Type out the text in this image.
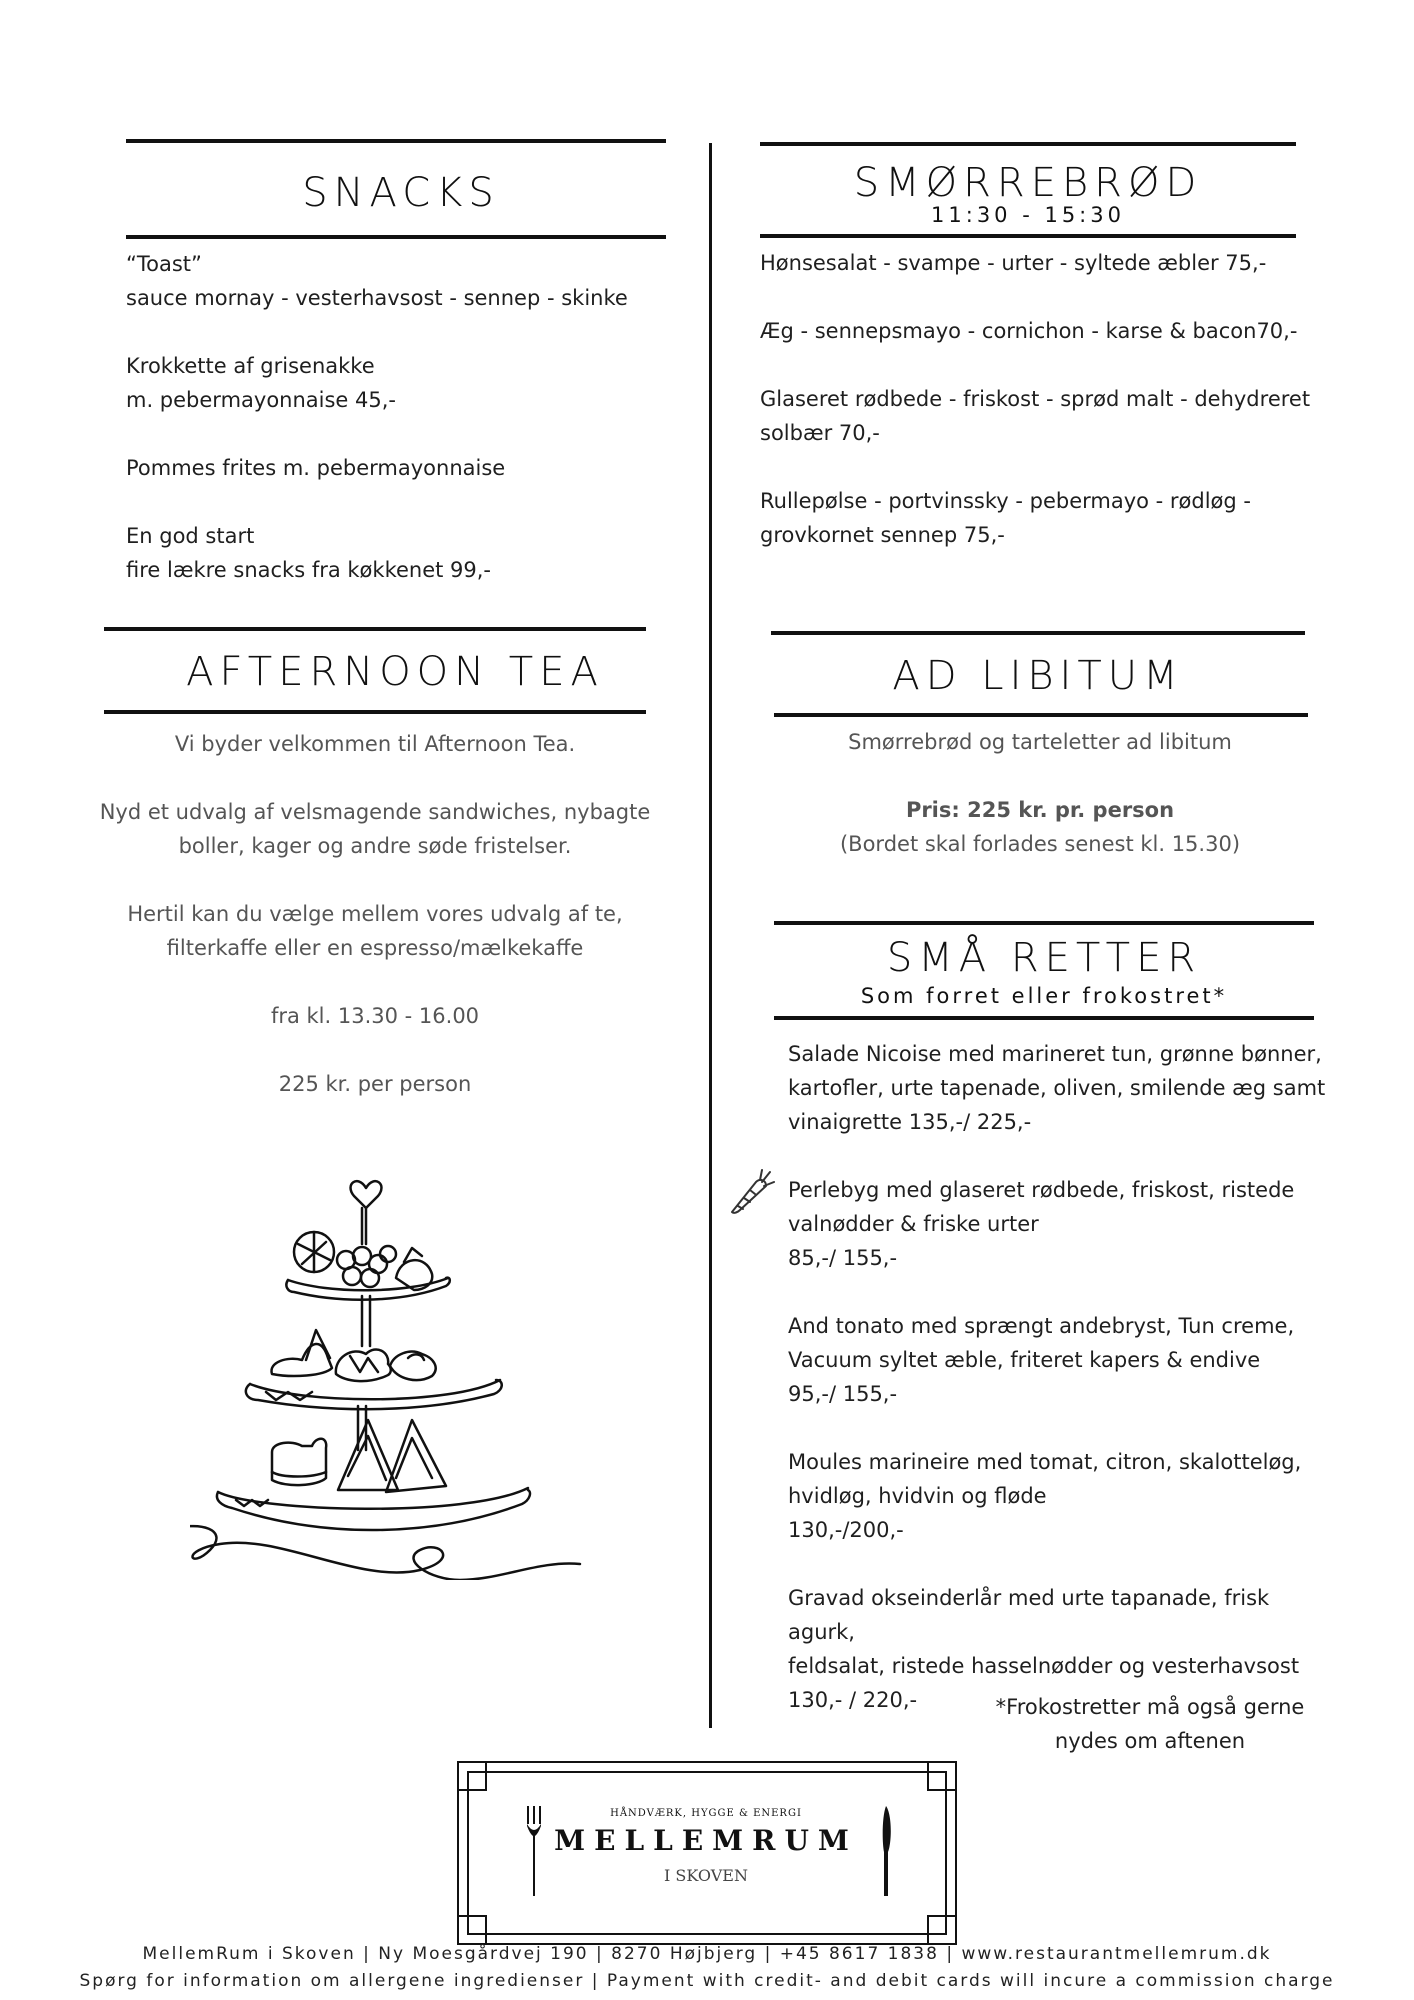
SNACKS

“Toast”
sauce mornay - vesterhavsost - sennep - skinke

Krokkette af grisenakke
m. pebermayonnaise 45,-

Pommes frites m. pebermayonnaise

En god start
fire lækre snacks fra køkkenet 99,-

SMØRREBRØD
11:30 - 15:30

Hønsesalat - svampe - urter - syltede æbler 75,-

Æg - sennepsmayo - cornichon - karse & bacon70,-

Glaseret rødbede - friskost - sprød malt - dehydreret
solbær 70,-

Rullepølse - portvinssky - pebermayo - rødløg -
grovkornet sennep 75,-

AFTERNOON TEA

Vi byder velkommen til Afternoon Tea.

Nyd et udvalg af velsmagende sandwiches, nybagte
boller, kager og andre søde fristelser.

Hertil kan du vælge mellem vores udvalg af te,
filterkaffe eller en espresso/mælkekaffe

fra kl. 13.30 - 16.00

225 kr. per person

AD LIBITUM

Smørrebrød og tarteletter ad libitum

Pris: 225 kr. pr. person
(Bordet skal forlades senest kl. 15.30)
SMÅ RETTER
Som forret eller frokostret*

Salade Nicoise med marineret tun, grønne bønner,
kartofler, urte tapenade, oliven, smilende æg samt
vinaigrette 135,-/ 225,-

Perlebyg med glaseret rødbede, friskost, ristede
valnødder & friske urter
85,-/ 155,-

And tonato med sprængt andebryst, Tun creme,
Vacuum syltet æble, friteret kapers & endive
95,-/ 155,-

Moules marineire med tomat, citron, skalotteløg,
hvidløg, hvidvin og fløde
130,-/200,-

Gravad okseinderlår med urte tapanade, frisk agurk,
feldsalat, ristede hasselnødder og vesterhavsost
130,- / 220,-	*Frokostretter må også gerne
nydes om aftenen
HÅNDVÆRK, HYGGE & ENERGI
MELLEMRUM
I SKOVEN
MellemRum i Skoven | Ny Moesgårdvej 190 | 8270 Højbjerg | +45 8617 1838 | www.restaurantmellemrum.dk
Spørg for information om allergene ingredienser | Payment with credit- and debit cards will incure a commission charge
